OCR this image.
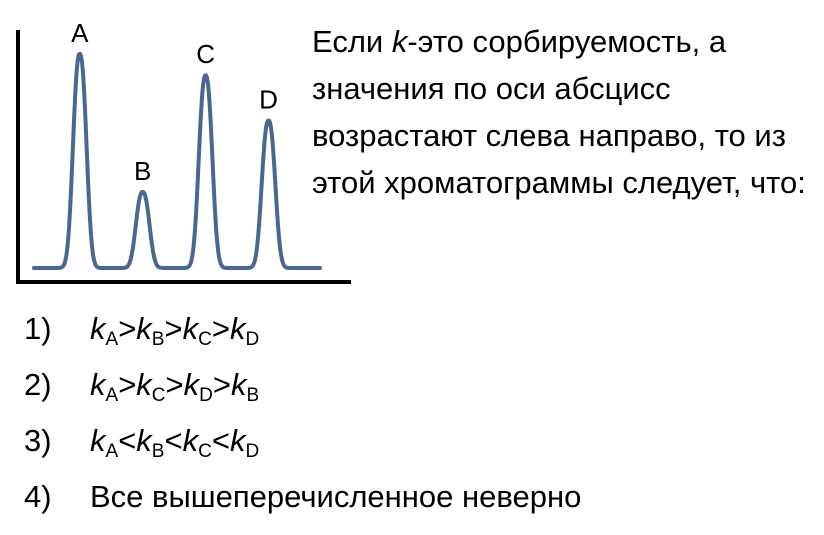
A
B
C
D
Если k-это сорбируемость, а значения по оси абсцисс возрастают слева направо, то из этой хроматограммы следует, что:
1)	$k_A>k_B>k_C>k_D$
2)	$k_A>k_C>k_D>k_B$
3)	$k_A<k_B<k_C<k_D$
4)	Все вышеперечисленное неверно
